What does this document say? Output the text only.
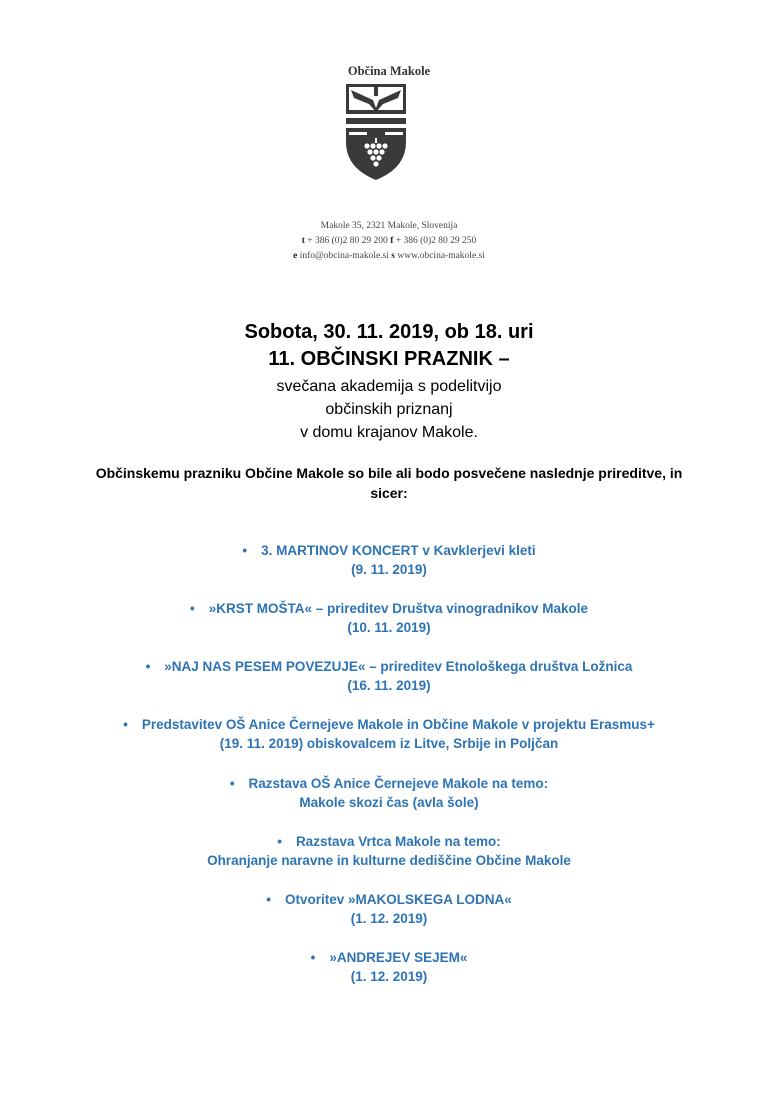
Občina Makole
Makole 35, 2321 Makole, Slovenija
t + 386 (0)2 80 29 200 f + 386 (0)2 80 29 250
e info@obcina-makole.si s www.obcina-makole.si
Sobota, 30. 11. 2019, ob 18. uri
11. OBČINSKI PRAZNIK –
svečana akademija s podelitvijo
občinskih priznanj
v domu krajanov Makole.
Občinskemu prazniku Občine Makole so bile ali bodo posvečene naslednje prireditve, in sicer:
• 3. MARTINOV KONCERT v Kavklerjevi kleti
(9. 11. 2019)
• »KRST MOŠTA« – prireditev Društva vinogradnikov Makole
(10. 11. 2019)
• »NAJ NAS PESEM POVEZUJE« – prireditev Etnološkega društva Ložnica
(16. 11. 2019)
• Predstavitev OŠ Anice Černejeve Makole in Občine Makole v projektu Erasmus+
(19. 11. 2019) obiskovalcem iz Litve, Srbije in Poljčan
• Razstava OŠ Anice Černejeve Makole na temo:
Makole skozi čas (avla šole)
• Razstava Vrtca Makole na temo:
Ohranjanje naravne in kulturne dediščine Občine Makole
• Otvoritev »MAKOLSKEGA LODNA«
(1. 12. 2019)
• »ANDREJEV SEJEM«
(1. 12. 2019)
